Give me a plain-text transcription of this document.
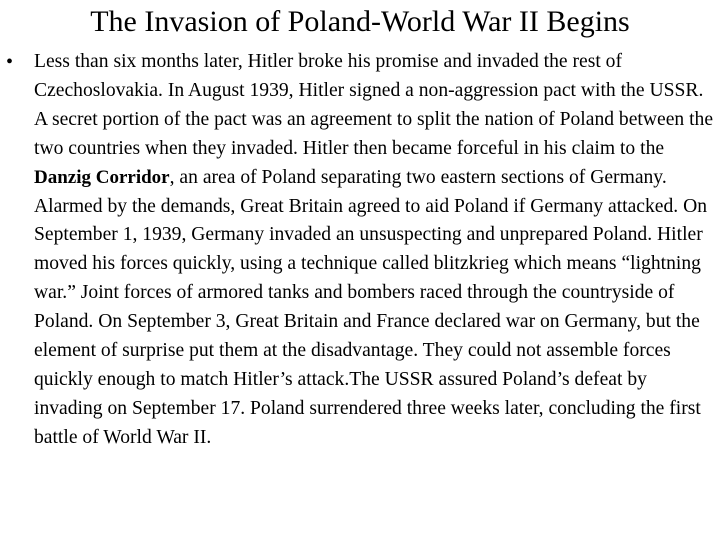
The Invasion of Poland-World War II Begins
• Less than six months later, Hitler broke his promise and invaded the rest of Czechoslovakia. In August 1939, Hitler signed a non-aggression pact with the USSR. A secret portion of the pact was an agreement to split the nation of Poland between the two countries when they invaded. Hitler then became forceful in his claim to the Danzig Corridor, an area of Poland separating two eastern sections of Germany. Alarmed by the demands, Great Britain agreed to aid Poland if Germany attacked. On September 1, 1939, Germany invaded an unsuspecting and unprepared Poland. Hitler moved his forces quickly, using a technique called blitzkrieg which means “lightning war.” Joint forces of armored tanks and bombers raced through the countryside of Poland. On September 3, Great Britain and France declared war on Germany, but the element of surprise put them at the disadvantage. They could not assemble forces quickly enough to match Hitler’s attack.The USSR assured Poland’s defeat by invading on September 17. Poland surrendered three weeks later, concluding the first battle of World War II.
